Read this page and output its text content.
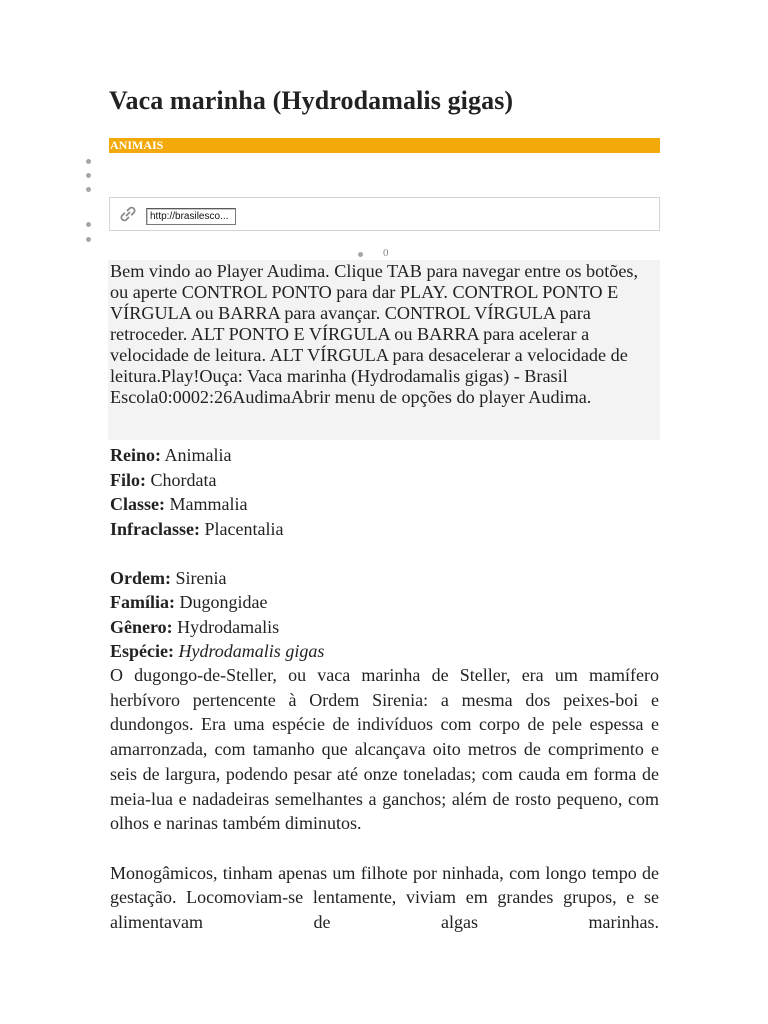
Vaca marinha (Hydrodamalis gigas)
ANIMAIS
http://brasilesco...
0
Bem vindo ao Player Audima. Clique TAB para navegar entre os botões, ou aperte CONTROL PONTO para dar PLAY. CONTROL PONTO E VÍRGULA ou BARRA para avançar. CONTROL VÍRGULA para retroceder. ALT PONTO E VÍRGULA ou BARRA para acelerar a velocidade de leitura. ALT VÍRGULA para desacelerar a velocidade de leitura.Play!Ouça: Vaca marinha (Hydrodamalis gigas) - Brasil Escola0:0002:26AudimaAbrir menu de opções do player Audima.
Reino: Animalia
Filo: Chordata
Classe: Mammalia
Infraclasse: Placentalia
Ordem: Sirenia
Família: Dugongidae
Gênero: Hydrodamalis
Espécie: Hydrodamalis gigas

O dugongo-de-Steller, ou vaca marinha de Steller, era um mamífero herbívoro pertencente à Ordem Sirenia: a mesma dos peixes-boi e dundongos. Era uma espécie de indivíduos com corpo de pele espessa e amarronzada, com tamanho que alcançava oito metros de comprimento e seis de largura, podendo pesar até onze toneladas; com cauda em forma de meia-lua e nadadeiras semelhantes a ganchos; além de rosto pequeno, com olhos e narinas também diminutos.

Monogâmicos, tinham apenas um filhote por ninhada, com longo tempo de gestação. Locomoviam-se lentamente, viviam em grandes grupos, e se alimentavam de algas marinhas.
